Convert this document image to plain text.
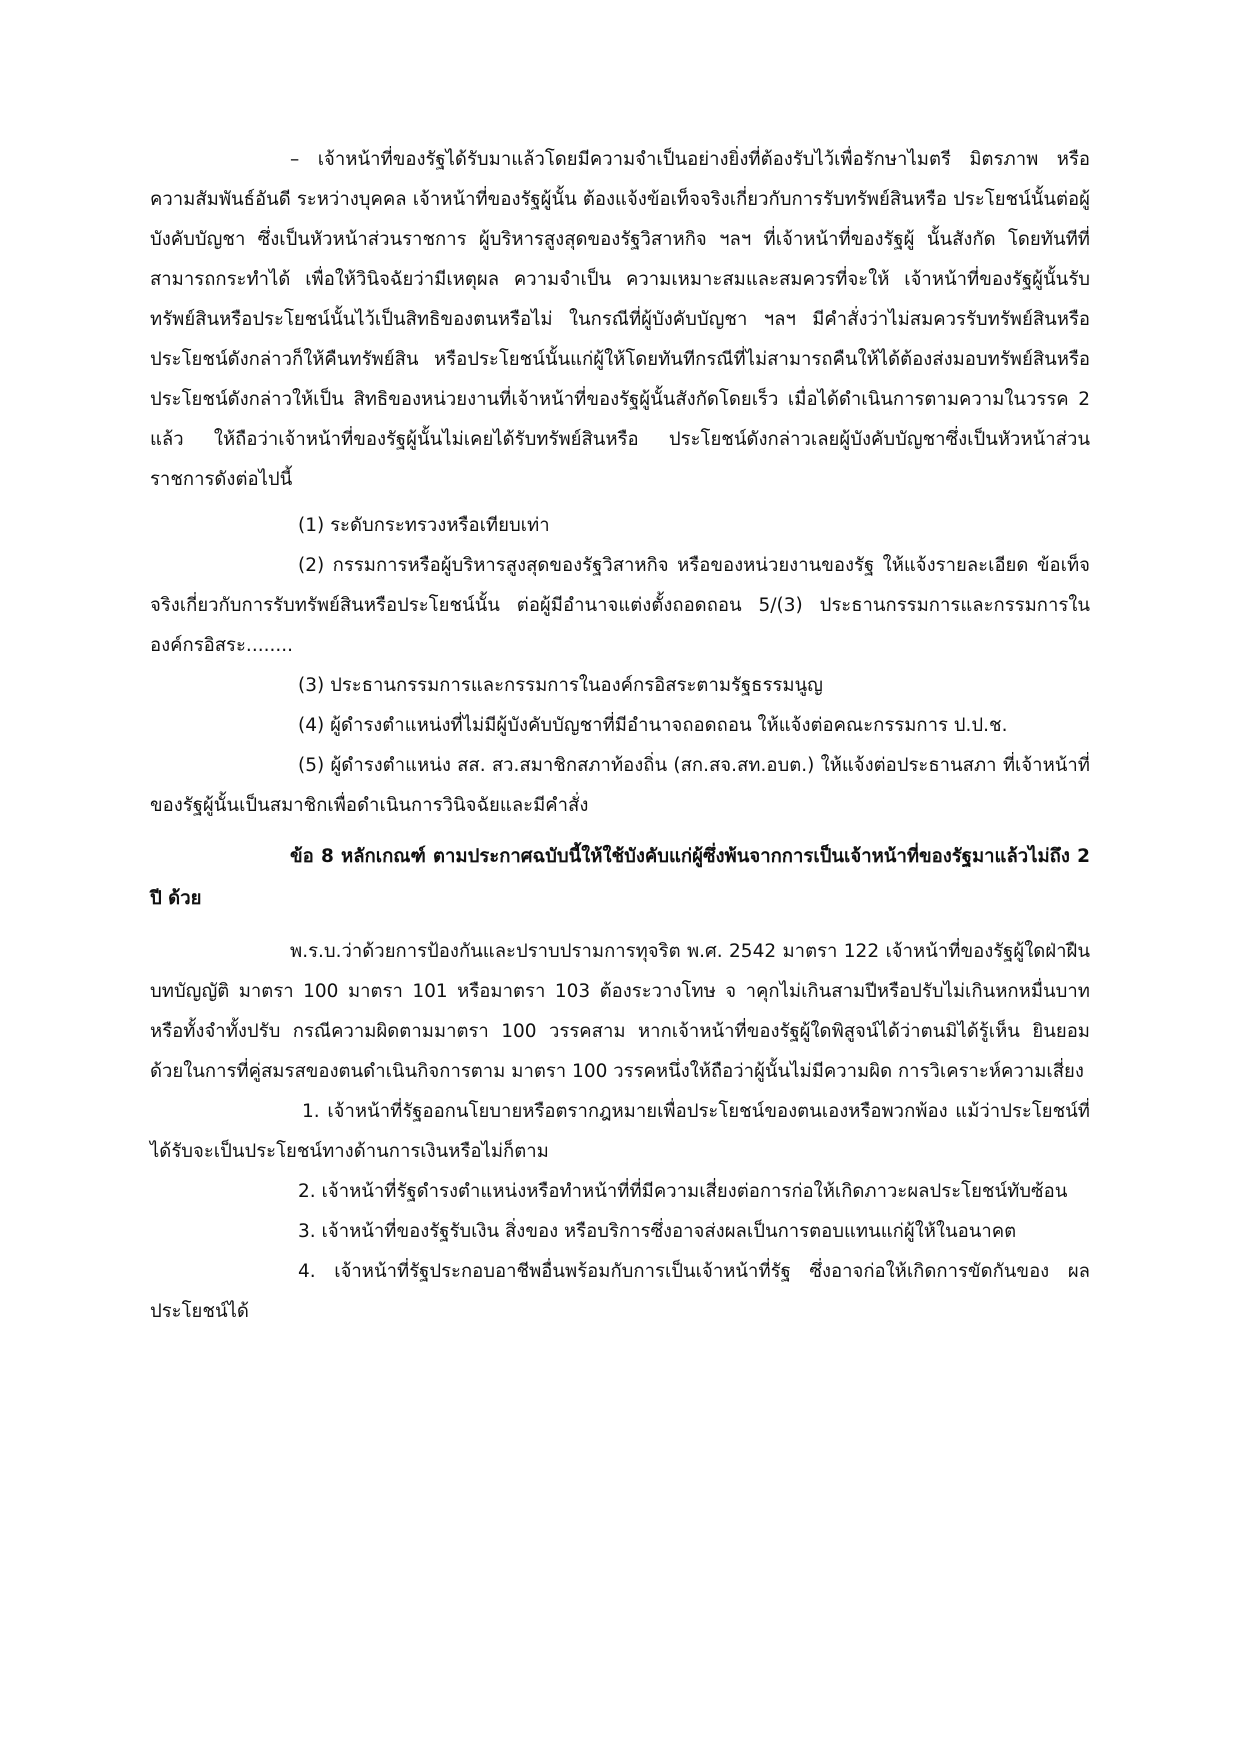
– เจ้าหน้าที่ของรัฐได้รับมาแล้วโดยมีความจำเป็นอย่างยิ่งที่ต้องรับไว้เพื่อรักษาไมตรี มิตรภาพ หรือความสัมพันธ์อันดี ระหว่างบุคคล เจ้าหน้าที่ของรัฐผู้นั้น ต้องแจ้งข้อเท็จจริงเกี่ยวกับการรับทรัพย์สินหรือ ประโยชน์นั้นต่อผู้บังคับบัญชา ซึ่งเป็นหัวหน้าส่วนราชการ ผู้บริหารสูงสุดของรัฐวิสาหกิจ ฯลฯ ที่เจ้าหน้าที่ของรัฐผู้ นั้นสังกัด โดยทันทีที่สามารถกระทำได้ เพื่อให้วินิจฉัยว่ามีเหตุผล ความจำเป็น ความเหมาะสมและสมควรที่จะให้ เจ้าหน้าที่ของรัฐผู้นั้นรับทรัพย์สินหรือประโยชน์นั้นไว้เป็นสิทธิของตนหรือไม่ ในกรณีที่ผู้บังคับบัญชา ฯลฯ มีคำสั่งว่าไม่สมควรรับทรัพย์สินหรือประโยชน์ดังกล่าวก็ให้คืนทรัพย์สิน หรือประโยชน์นั้นแก่ผู้ให้โดยทันทีกรณีที่ไม่สามารถคืนให้ได้ต้องส่งมอบทรัพย์สินหรือประโยชน์ดังกล่าวให้เป็น สิทธิของหน่วยงานที่เจ้าหน้าที่ของรัฐผู้นั้นสังกัดโดยเร็ว เมื่อได้ดำเนินการตามความในวรรค 2 แล้ว ให้ถือว่าเจ้าหน้าที่ของรัฐผู้นั้นไม่เคยได้รับทรัพย์สินหรือ ประโยชน์ดังกล่าวเลยผู้บังคับบัญชาซึ่งเป็นหัวหน้าส่วนราชการดังต่อไปนี้

(1) ระดับกระทรวงหรือเทียบเท่า

(2) กรรมการหรือผู้บริหารสูงสุดของรัฐวิสาหกิจ หรือของหน่วยงานของรัฐ ให้แจ้งรายละเอียด ข้อเท็จจริงเกี่ยวกับการรับทรัพย์สินหรือประโยชน์นั้น ต่อผู้มีอำนาจแต่งตั้งถอดถอน 5/(3) ประธานกรรมการและกรรมการในองค์กรอิสระ........

(3) ประธานกรรมการและกรรมการในองค์กรอิสระตามรัฐธรรมนูญ

(4) ผู้ดำรงตำแหน่งที่ไม่มีผู้บังคับบัญชาที่มีอำนาจถอดถอน ให้แจ้งต่อคณะกรรมการ ป.ป.ช.

(5) ผู้ดำรงตำแหน่ง สส. สว.สมาชิกสภาท้องถิ่น (สก.สจ.สท.อบต.) ให้แจ้งต่อประธานสภา ที่เจ้าหน้าที่ของรัฐผู้นั้นเป็นสมาชิกเพื่อดำเนินการวินิจฉัยและมีคำสั่ง

ข้อ 8 หลักเกณฑ์ ตามประกาศฉบับนี้ให้ใช้บังคับแก่ผู้ซึ่งพ้นจากการเป็นเจ้าหน้าที่ของรัฐมาแล้วไม่ถึง 2 ปี ด้วย

พ.ร.บ.ว่าด้วยการป้องกันและปราบปรามการทุจริต พ.ศ. 2542 มาตรา 122 เจ้าหน้าที่ของรัฐผู้ใดฝ่าฝืนบทบัญญัติ มาตรา 100 มาตรา 101 หรือมาตรา 103 ต้องระวางโทษ จ าคุกไม่เกินสามปีหรือปรับไม่เกินหกหมื่นบาท หรือทั้งจำทั้งปรับ กรณีความผิดตามมาตรา 100 วรรคสาม หากเจ้าหน้าที่ของรัฐผู้ใดพิสูจน์ได้ว่าตนมิได้รู้เห็น ยินยอมด้วยในการที่คู่สมรสของตนดำเนินกิจการตาม มาตรา 100 วรรคหนึ่งให้ถือว่าผู้นั้นไม่มีความผิด การวิเคราะห์ความเสี่ยง

1. เจ้าหน้าที่รัฐออกนโยบายหรือตรากฎหมายเพื่อประโยชน์ของตนเองหรือพวกพ้อง แม้ว่าประโยชน์ที่ได้รับจะเป็นประโยชน์ทางด้านการเงินหรือไม่ก็ตาม

2. เจ้าหน้าที่รัฐดำรงตำแหน่งหรือทำหน้าที่ที่มีความเสี่ยงต่อการก่อให้เกิดภาวะผลประโยชน์ทับซ้อน

3. เจ้าหน้าที่ของรัฐรับเงิน สิ่งของ หรือบริการซึ่งอาจส่งผลเป็นการตอบแทนแก่ผู้ให้ในอนาคต

4. เจ้าหน้าที่รัฐประกอบอาชีพอื่นพร้อมกับการเป็นเจ้าหน้าที่รัฐ ซึ่งอาจก่อให้เกิดการขัดกันของ ผลประโยชน์ได้
